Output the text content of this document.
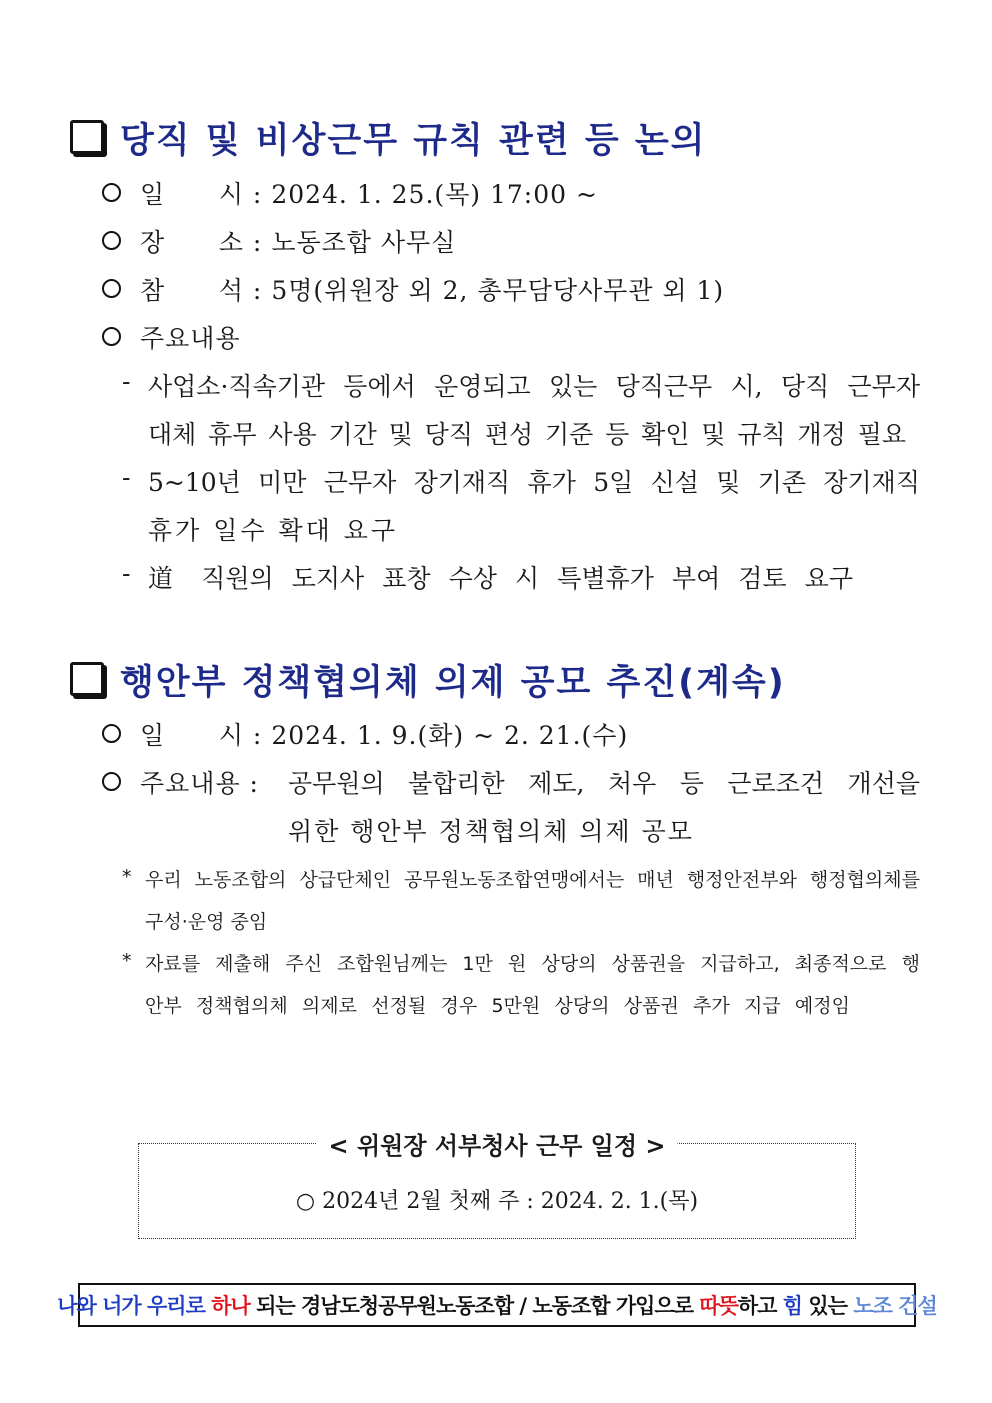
당직 및 비상근무 규칙 관련 등 논의
일      시 : 2024. 1. 25.(목) 17:00 ~
장      소 : 노동조합 사무실
참      석 : 5명(위원장 외 2, 총무담당사무관 외 1)
주요내용
- 사업소·직속기관 등에서 운영되고 있는 당직근무 시, 당직 근무자
대체 휴무 사용 기간 및 당직 편성 기준 등 확인 및 규칙 개정 필요
- 5~10년 미만 근무자 장기재직 휴가 5일 신설 및 기존 장기재직
휴가 일수 확대 요구
- 道 직원의 도지사 표창 수상 시 특별휴가 부여 검토 요구
행안부 정책협의체 의제 공모 추진(계속)
일      시 : 2024. 1. 9.(화) ~ 2. 21.(수)
주요내용 : 공무원의 불합리한 제도, 처우 등 근로조건 개선을
위한 행안부 정책협의체 의제 공모
* 우리 노동조합의 상급단체인 공무원노동조합연맹에서는 매년 행정안전부와 행정협의체를
구성·운영 중임
* 자료를 제출해 주신 조합원님께는 1만 원 상당의 상품권을 지급하고, 최종적으로 행
안부 정책협의체 의제로 선정될 경우 5만원 상당의 상품권 추가 지급 예정임
< 위원장 서부청사 근무 일정 >
○ 2024년 2월 첫째 주 : 2024. 2. 1.(목)
나와 너가 우리로 하나 되는 경남도청공무원노동조합 / 노동조합 가입으로 따뜻 하고 힘 있는 노조 건설
